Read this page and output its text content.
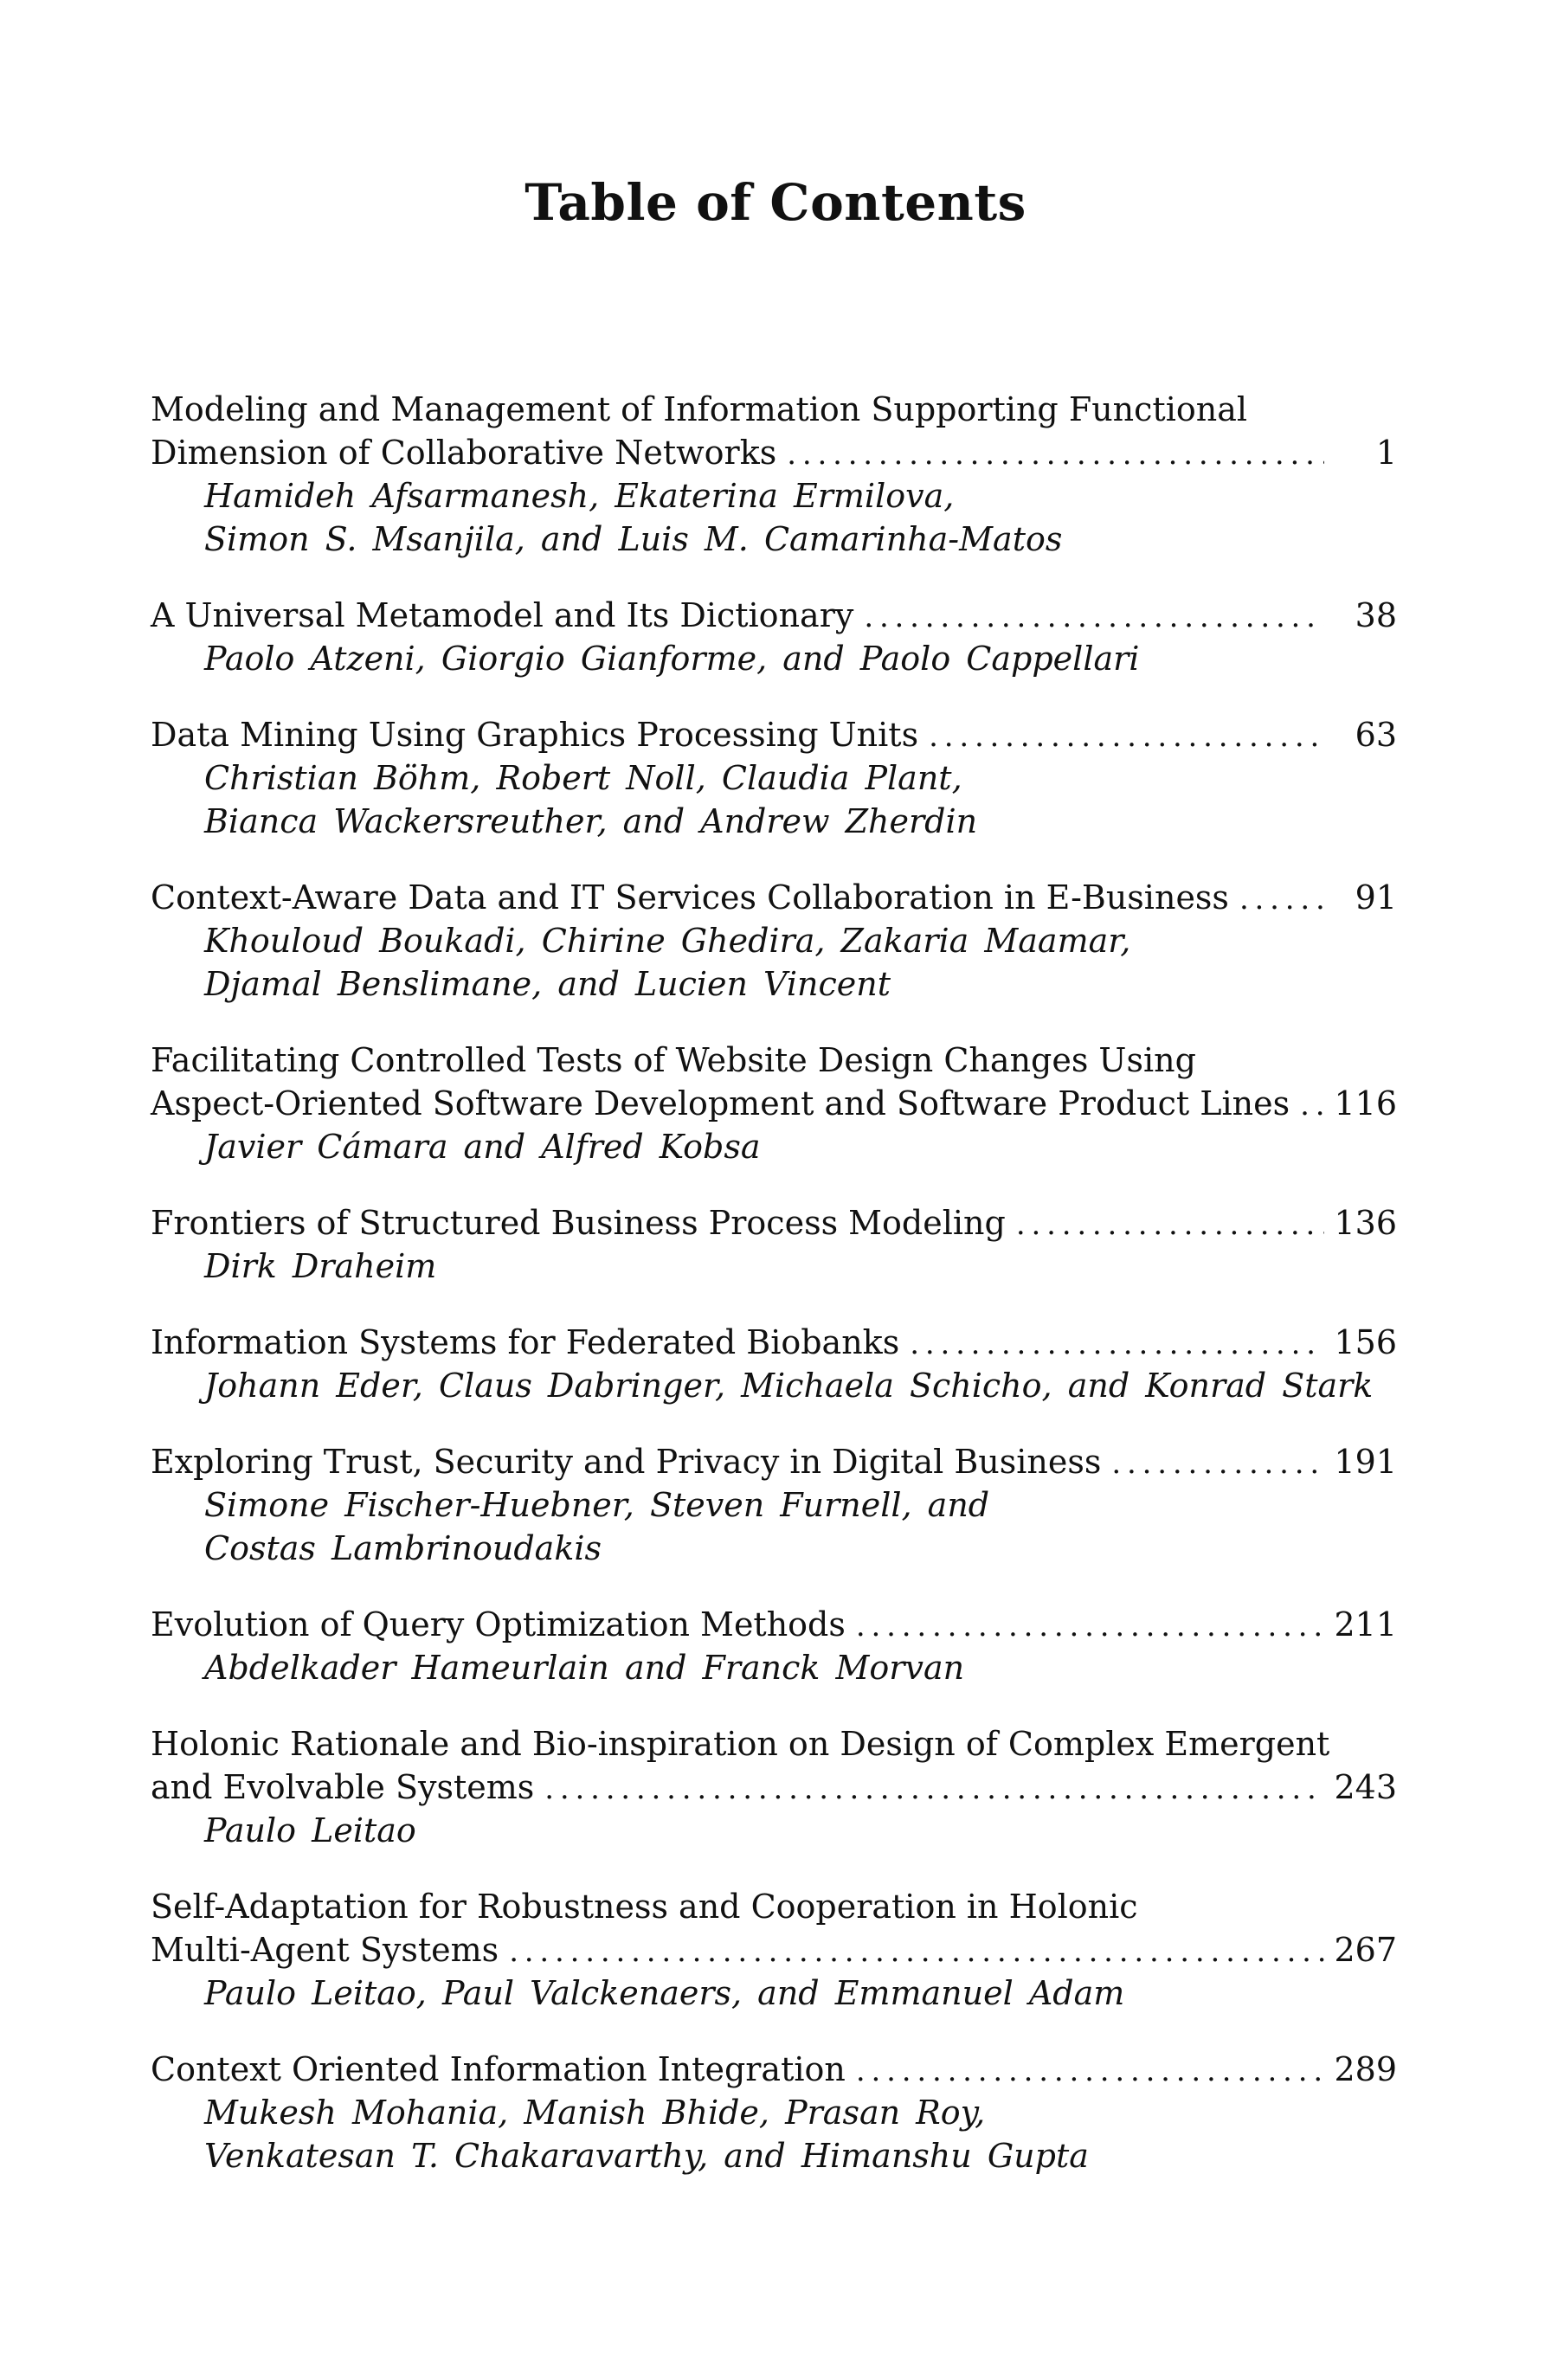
Table of Contents
Modeling and Management of Information Supporting Functional
Dimension of Collaborative Networks . . .	1
Hamideh Afsarmanesh, Ekaterina Ermilova,
Simon S. Msanjila, and Luis M. Camarinha-Matos
A Universal Metamodel and Its Dictionary . . .	38
Paolo Atzeni, Giorgio Gianforme, and Paolo Cappellari
Data Mining Using Graphics Processing Units . . .	63
Christian Böhm, Robert Noll, Claudia Plant,
Bianca Wackersreuther, and Andrew Zherdin
Context-Aware Data and IT Services Collaboration in E-Business . . .	91
Khouloud Boukadi, Chirine Ghedira, Zakaria Maamar,
Djamal Benslimane, and Lucien Vincent
Facilitating Controlled Tests of Website Design Changes Using
Aspect-Oriented Software Development and Software Product Lines . . .	116
Javier Cámara and Alfred Kobsa
Frontiers of Structured Business Process Modeling . . .	136
Dirk Draheim
Information Systems for Federated Biobanks . . .	156
Johann Eder, Claus Dabringer, Michaela Schicho, and Konrad Stark
Exploring Trust, Security and Privacy in Digital Business . . .	191
Simone Fischer-Huebner, Steven Furnell, and
Costas Lambrinoudakis
Evolution of Query Optimization Methods . . .	211
Abdelkader Hameurlain and Franck Morvan
Holonic Rationale and Bio-inspiration on Design of Complex Emergent
and Evolvable Systems . . .	243
Paulo Leitao
Self-Adaptation for Robustness and Cooperation in Holonic
Multi-Agent Systems . . .	267
Paulo Leitao, Paul Valckenaers, and Emmanuel Adam
Context Oriented Information Integration . . .	289
Mukesh Mohania, Manish Bhide, Prasan Roy,
Venkatesan T. Chakaravarthy, and Himanshu Gupta
